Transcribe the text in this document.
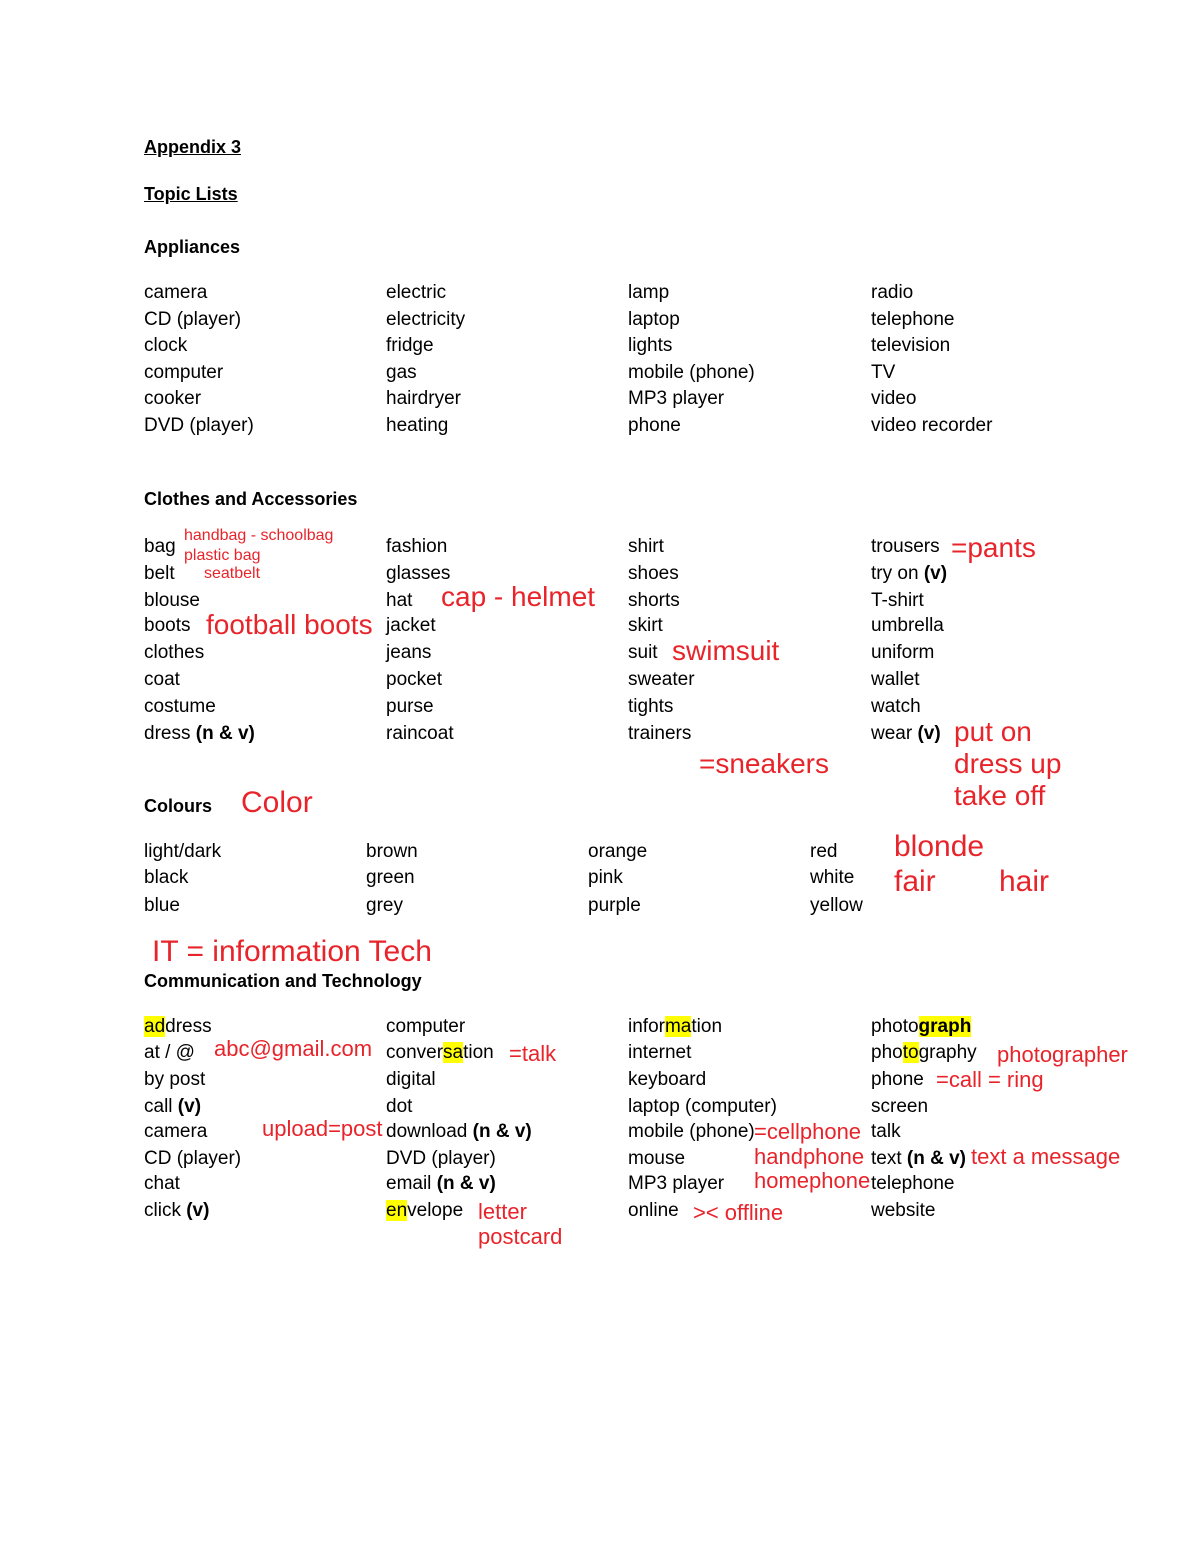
Appendix 3
Topic Lists
Appliances
camera
CD (player)
clock
computer
cooker
DVD (player)
electric
electricity
fridge
gas
hairdryer
heating
lamp
laptop
lights
mobile (phone)
MP3 player
phone
radio
telephone
television
TV
video
video recorder
Clothes and Accessories
bag
belt
blouse
boots
clothes
coat
costume
dress (n & v)
fashion
glasses
hat
jacket
jeans
pocket
purse
raincoat
shirt
shoes
shorts
skirt
suit
sweater
tights
trainers
trousers
try on (v)
T-shirt
umbrella
uniform
wallet
watch
wear (v)
handbag - schoolbag
plastic bag
seatbelt
cap - helmet
football boots
swimsuit
=pants
=sneakers
put on
dress up
take off
Colours Color
light/dark
black
blue
brown
green
grey
orange
pink
purple
red
white
yellow
blonde
fair hair
IT = information Tech
Communication and Technology
address
at / @
by post
call (v)
camera
CD (player)
chat
click (v)
computer
conversation
digital
dot
download (n & v)
DVD (player)
email (n & v)
envelope
information
internet
keyboard
laptop (computer)
mobile (phone)
mouse
MP3 player
online
photograph
photography
phone
screen
talk
text (n & v)
telephone
website
abc@gmail.com
upload=post
=talk
letter
postcard
=cellphone
handphone
homephone
>< offline
photographer
=call = ring
text a message
